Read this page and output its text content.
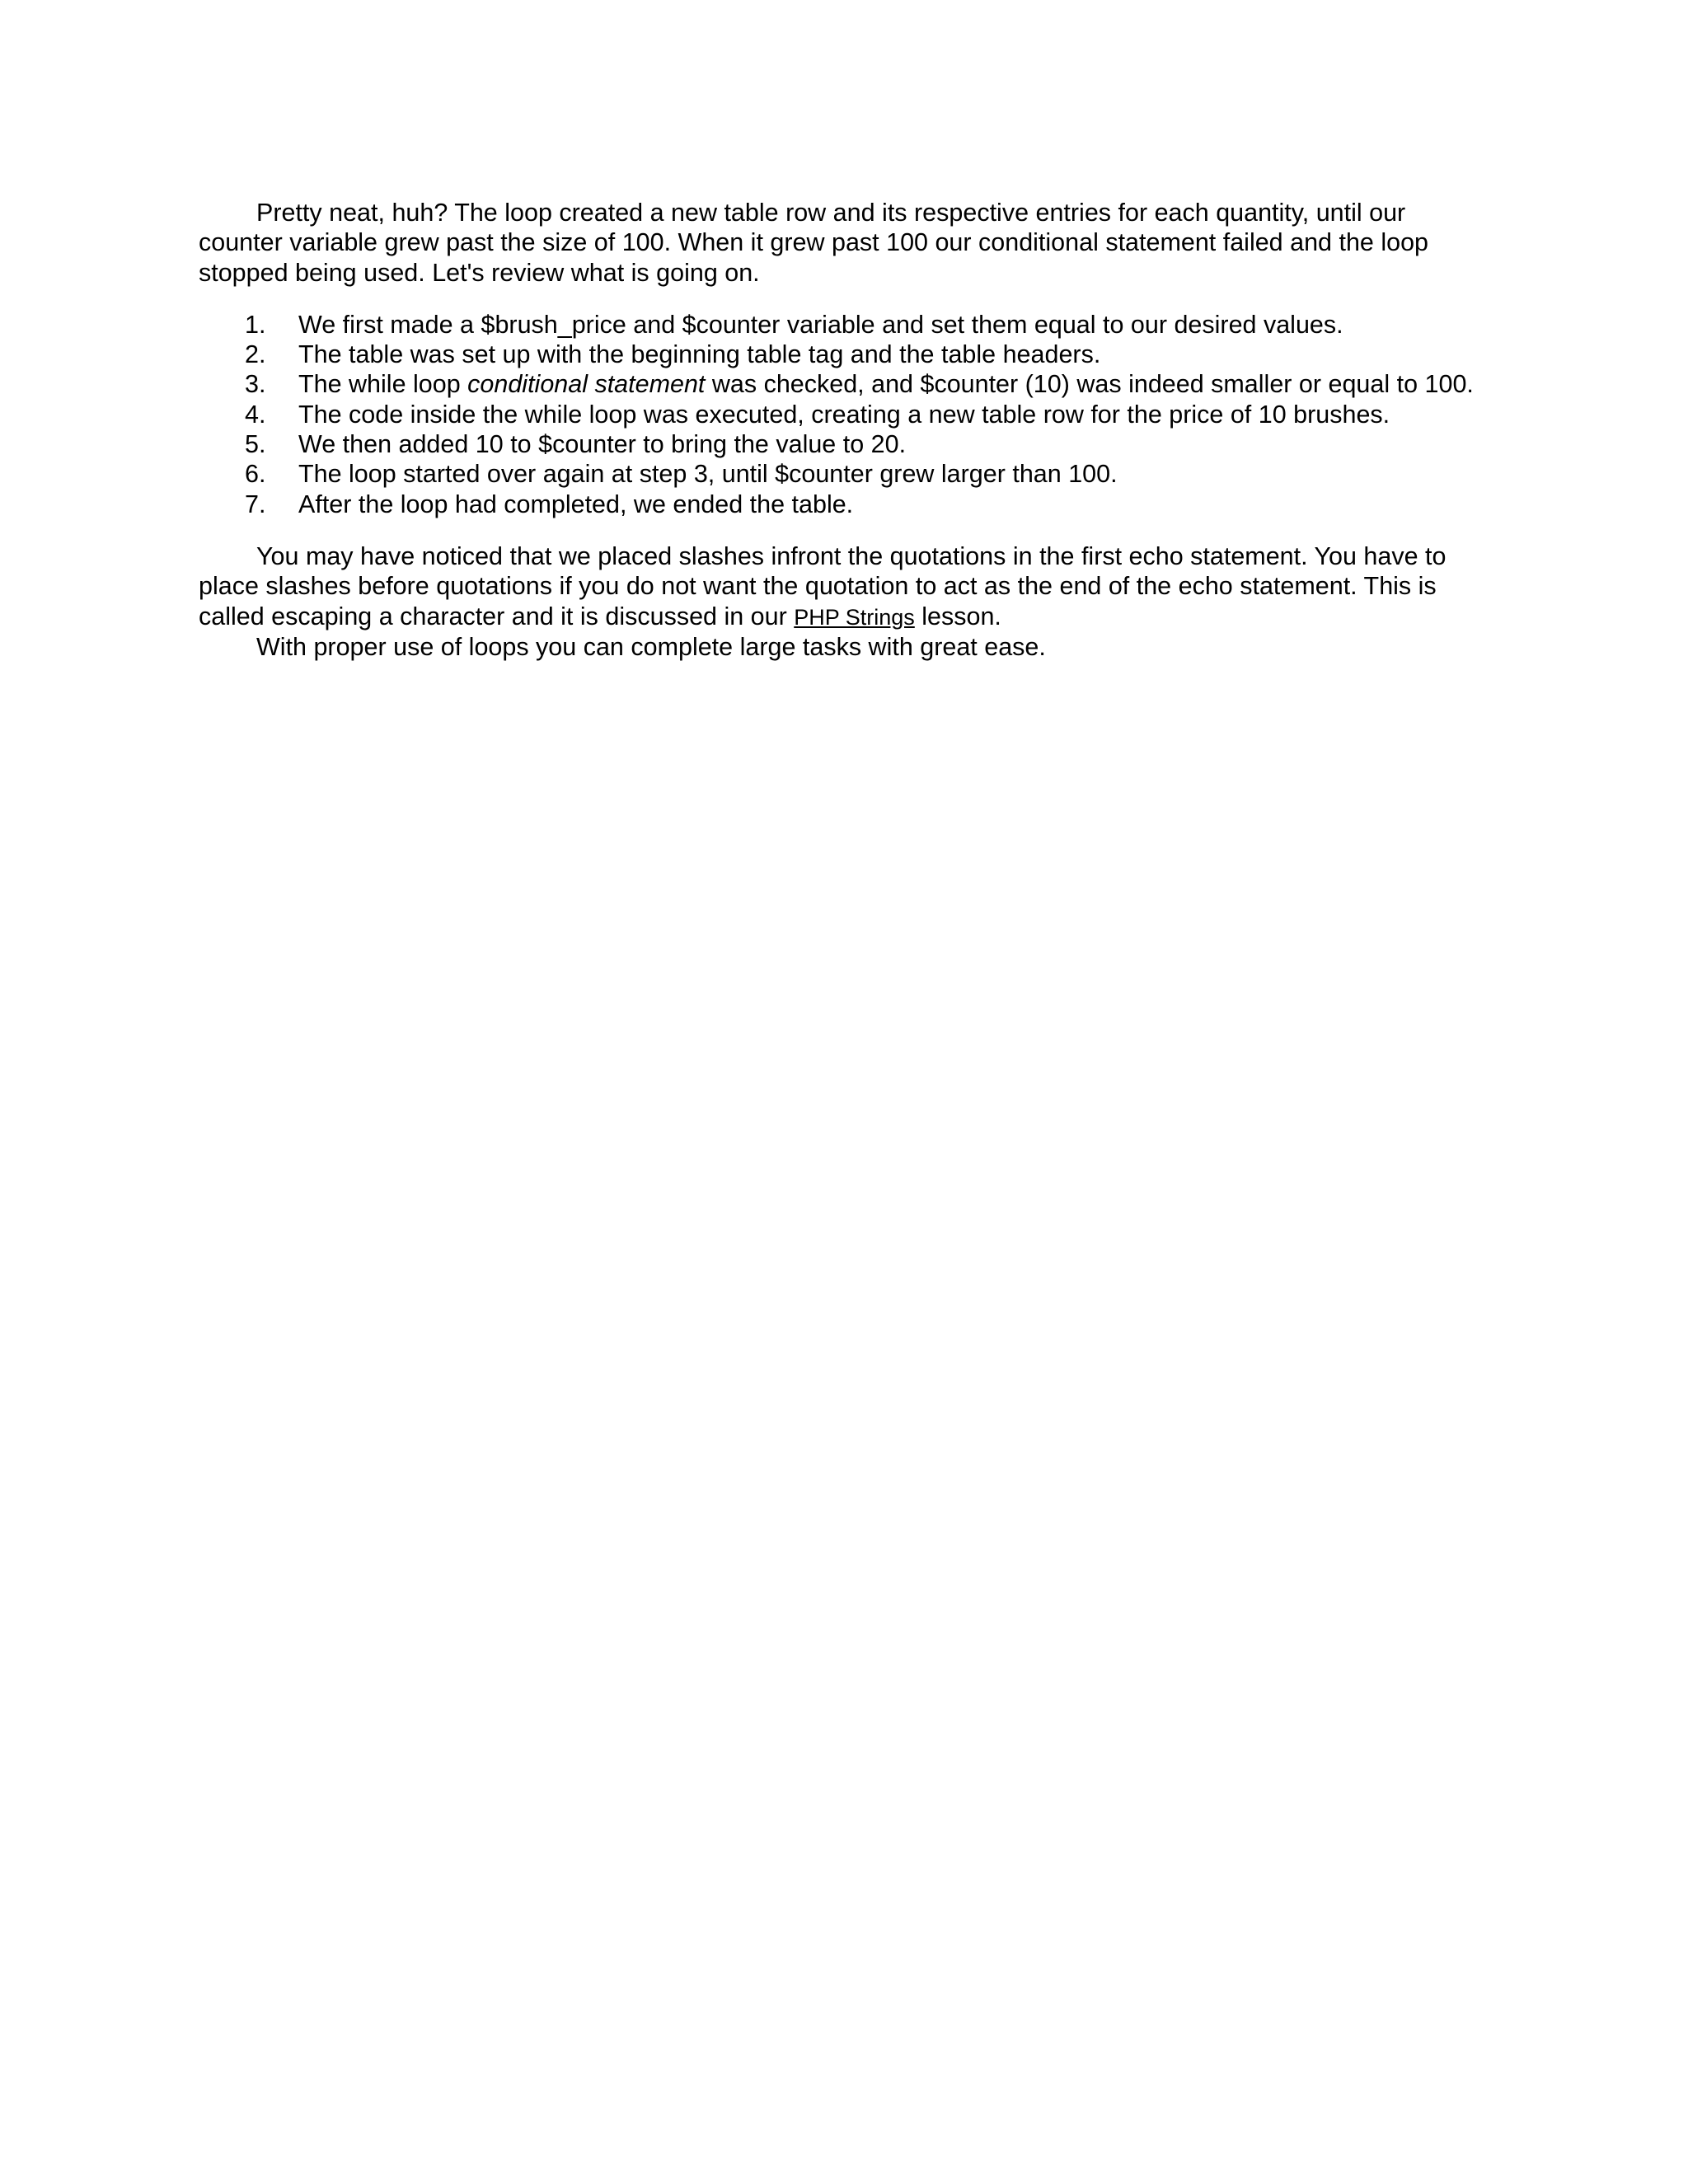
Pretty neat, huh? The loop created a new table row and its respective entries for each quantity, until our counter variable grew past the size of 100. When it grew past 100 our conditional statement failed and the loop stopped being used. Let's review what is going on.

1.	We first made a $brush_price and $counter variable and set them equal to our desired values.
2.	The table was set up with the beginning table tag and the table headers.
3.	The while loop conditional statement was checked, and $counter (10) was indeed smaller or equal to 100.
4.	The code inside the while loop was executed, creating a new table row for the price of 10 brushes.
5.	We then added 10 to $counter to bring the value to 20.
6.	The loop started over again at step 3, until $counter grew larger than 100.
7.	After the loop had completed, we ended the table.

You may have noticed that we placed slashes infront the quotations in the first echo statement. You have to place slashes before quotations if you do not want the quotation to act as the end of the echo statement. This is called escaping a character and it is discussed in our PHP Strings lesson.

With proper use of loops you can complete large tasks with great ease.
